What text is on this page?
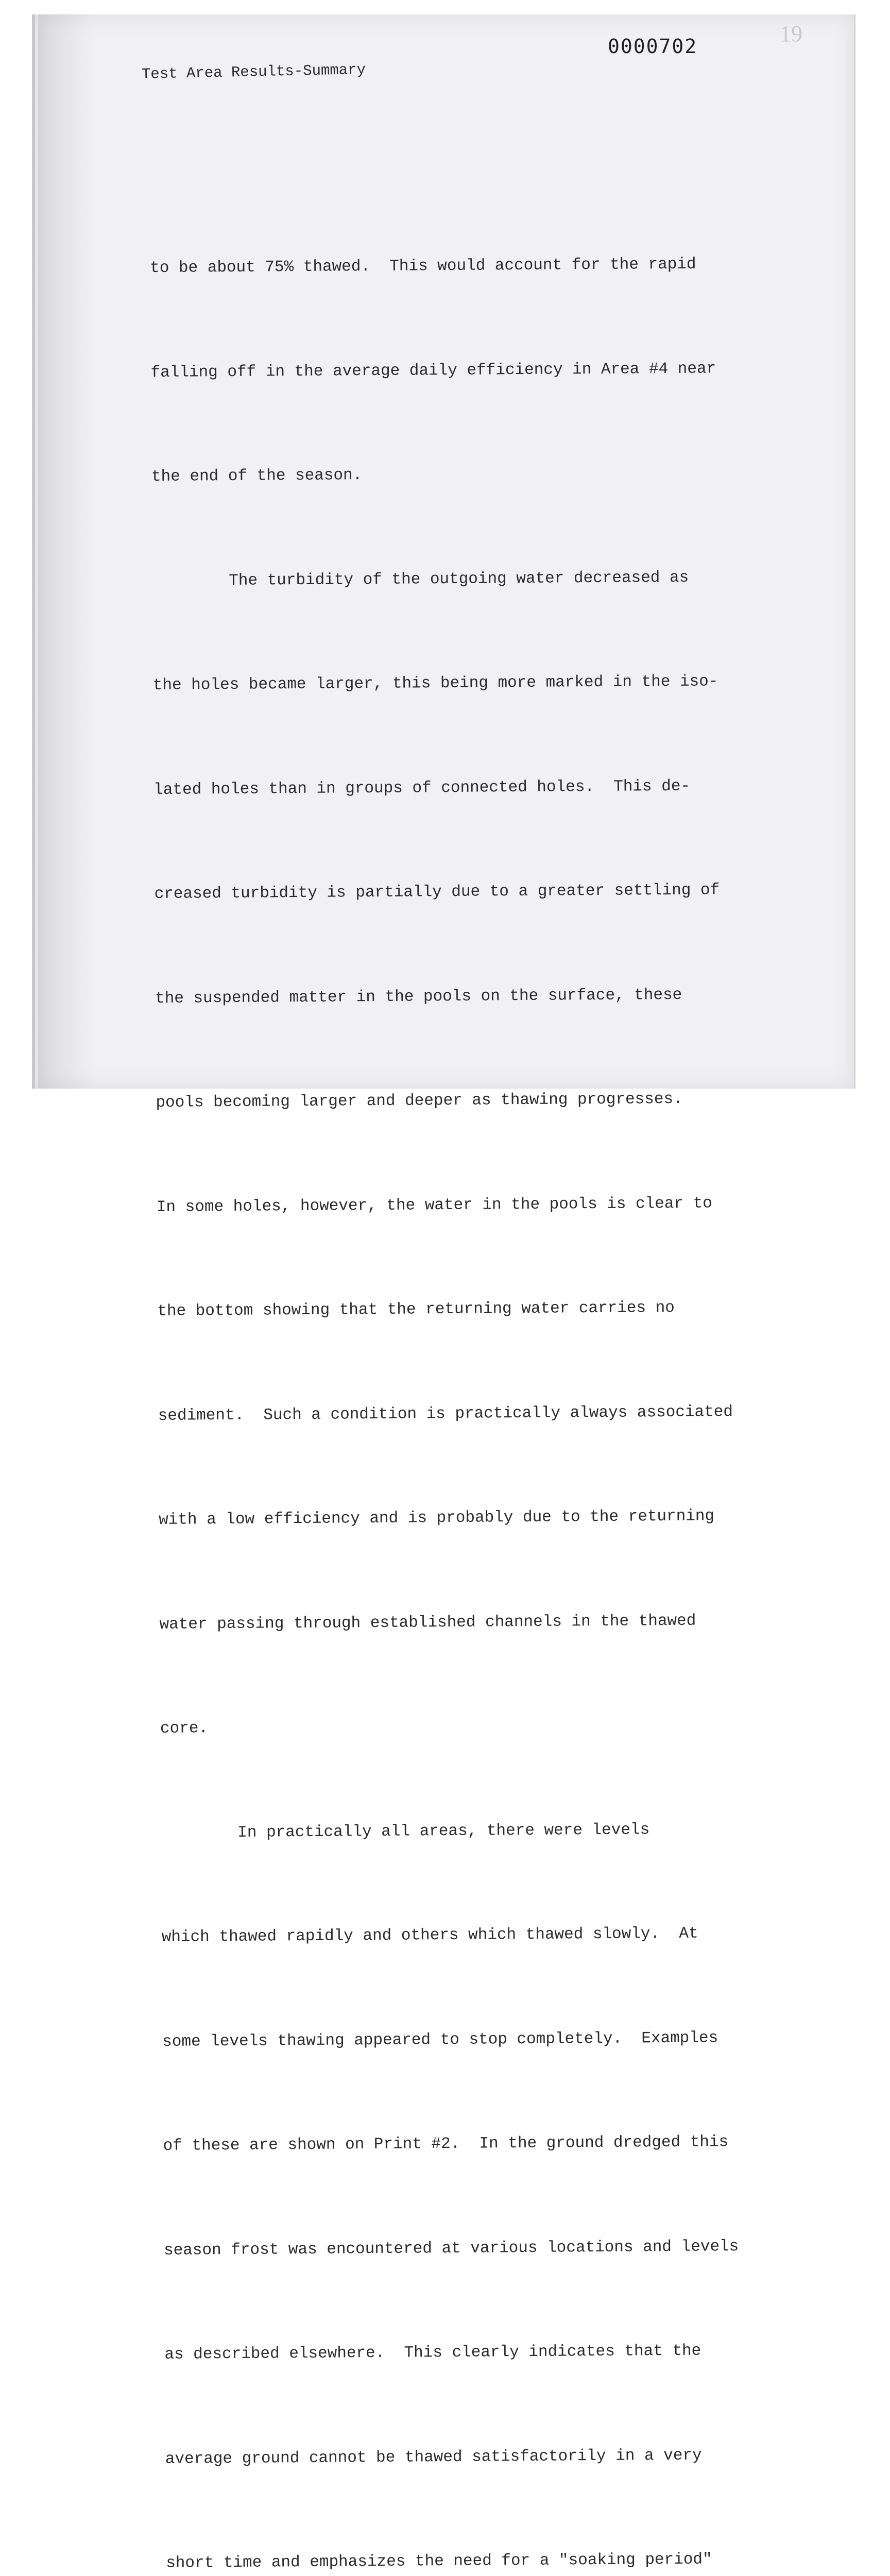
19
0000702
Test Area Results-Summary

to be about 75% thawed.  This would account for the rapid

falling off in the average daily efficiency in Area #4 near

the end of the season.

The turbidity of the outgoing water decreased as

the holes became larger, this being more marked in the iso-

lated holes than in groups of connected holes.  This de-

creased turbidity is partially due to a greater settling of

the suspended matter in the pools on the surface, these

pools becoming larger and deeper as thawing progresses.

In some holes, however, the water in the pools is clear to

the bottom showing that the returning water carries no

sediment.  Such a condition is practically always associated

with a low efficiency and is probably due to the returning

water passing through established channels in the thawed

core.

In practically all areas, there were levels

which thawed rapidly and others which thawed slowly.  At

some levels thawing appeared to stop completely.  Examples

of these are shown on Print #2.  In the ground dredged this

season frost was encountered at various locations and levels

as described elsewhere.  This clearly indicates that the

average ground cannot be thawed satisfactorily in a very

short time and emphasizes the need for a "soaking period"
